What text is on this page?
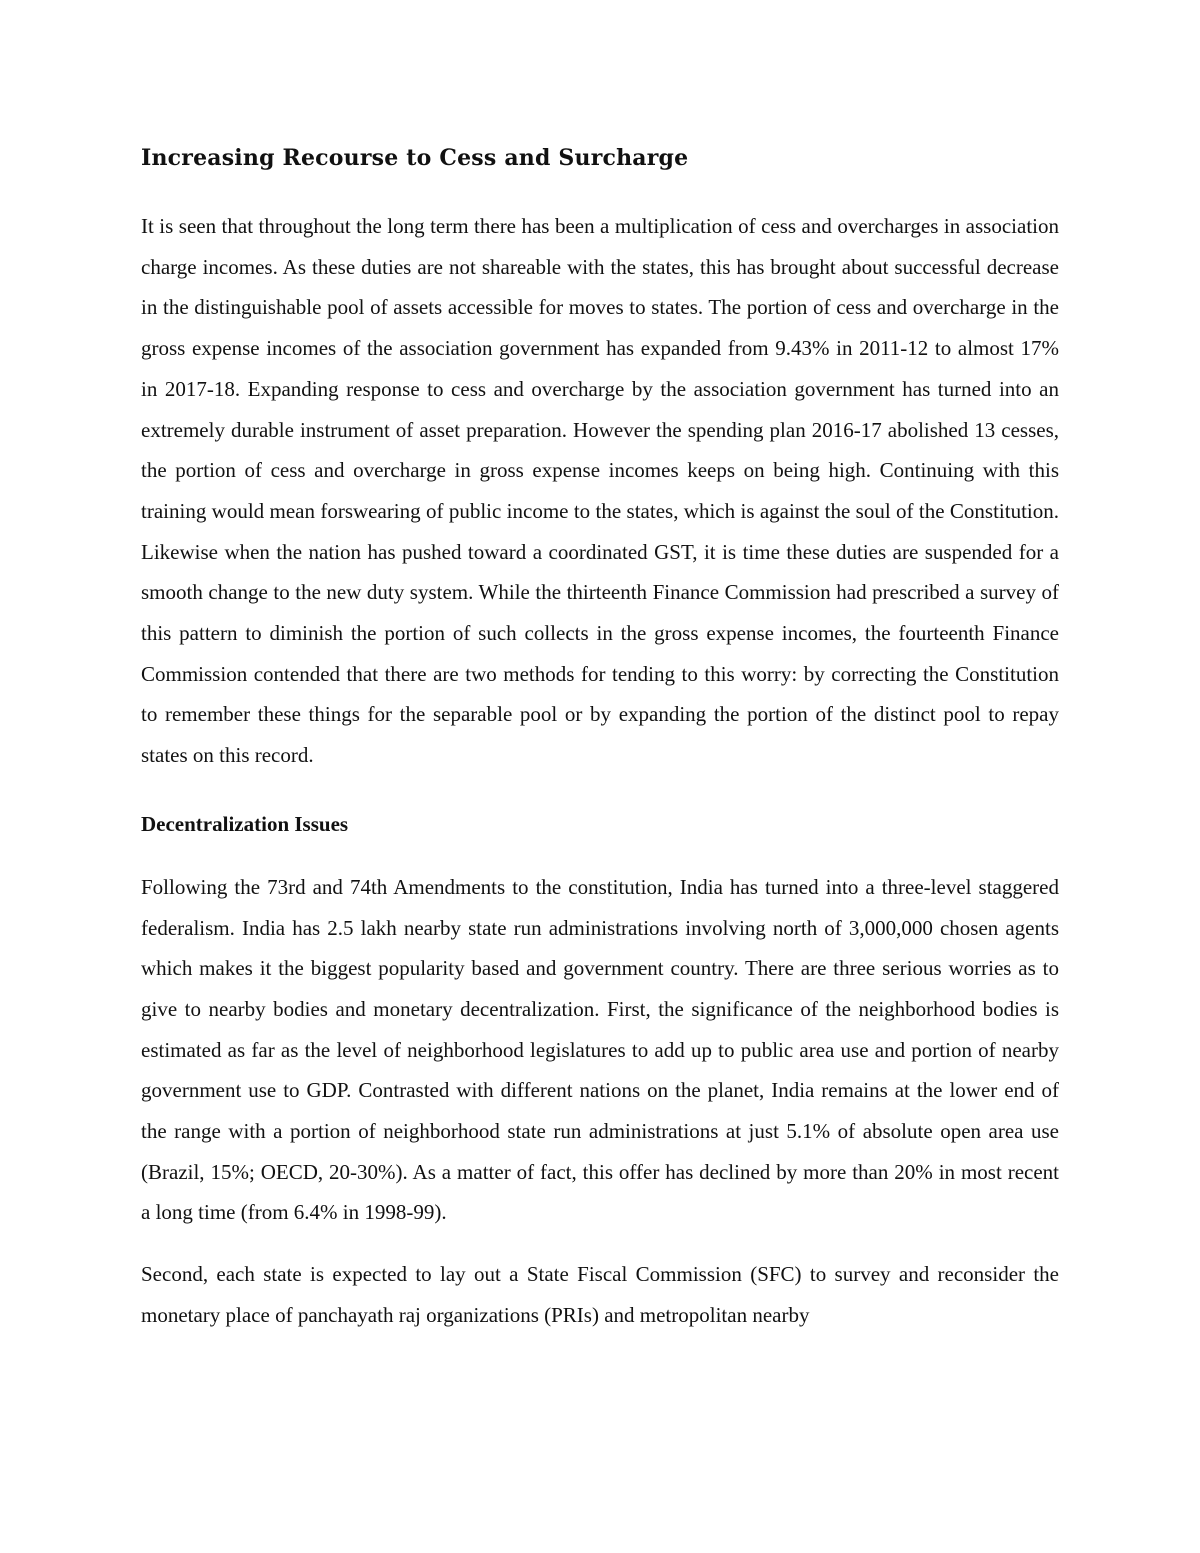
Increasing Recourse to Cess and Surcharge

It is seen that throughout the long term there has been a multiplication of cess and overcharges in association charge incomes. As these duties are not shareable with the states, this has brought about successful decrease in the distinguishable pool of assets accessible for moves to states. The portion of cess and overcharge in the gross expense incomes of the association government has expanded from 9.43% in 2011-12 to almost 17% in 2017-18. Expanding response to cess and overcharge by the association government has turned into an extremely durable instrument of asset preparation. However the spending plan 2016-17 abolished 13 cesses, the portion of cess and overcharge in gross expense incomes keeps on being high. Continuing with this training would mean forswearing of public income to the states, which is against the soul of the Constitution. Likewise when the nation has pushed toward a coordinated GST, it is time these duties are suspended for a smooth change to the new duty system. While the thirteenth Finance Commission had prescribed a survey of this pattern to diminish the portion of such collects in the gross expense incomes, the fourteenth Finance Commission contended that there are two methods for tending to this worry: by correcting the Constitution to remember these things for the separable pool or by expanding the portion of the distinct pool to repay states on this record.

Decentralization Issues

Following the 73rd and 74th Amendments to the constitution, India has turned into a three-level staggered federalism. India has 2.5 lakh nearby state run administrations involving north of 3,000,000 chosen agents which makes it the biggest popularity based and government country. There are three serious worries as to give to nearby bodies and monetary decentralization. First, the significance of the neighborhood bodies is estimated as far as the level of neighborhood legislatures to add up to public area use and portion of nearby government use to GDP. Contrasted with different nations on the planet, India remains at the lower end of the range with a portion of neighborhood state run administrations at just 5.1% of absolute open area use (Brazil, 15%; OECD, 20-30%). As a matter of fact, this offer has declined by more than 20% in most recent a long time (from 6.4% in 1998-99).

Second, each state is expected to lay out a State Fiscal Commission (SFC) to survey and reconsider the monetary place of panchayath raj organizations (PRIs) and metropolitan nearby
